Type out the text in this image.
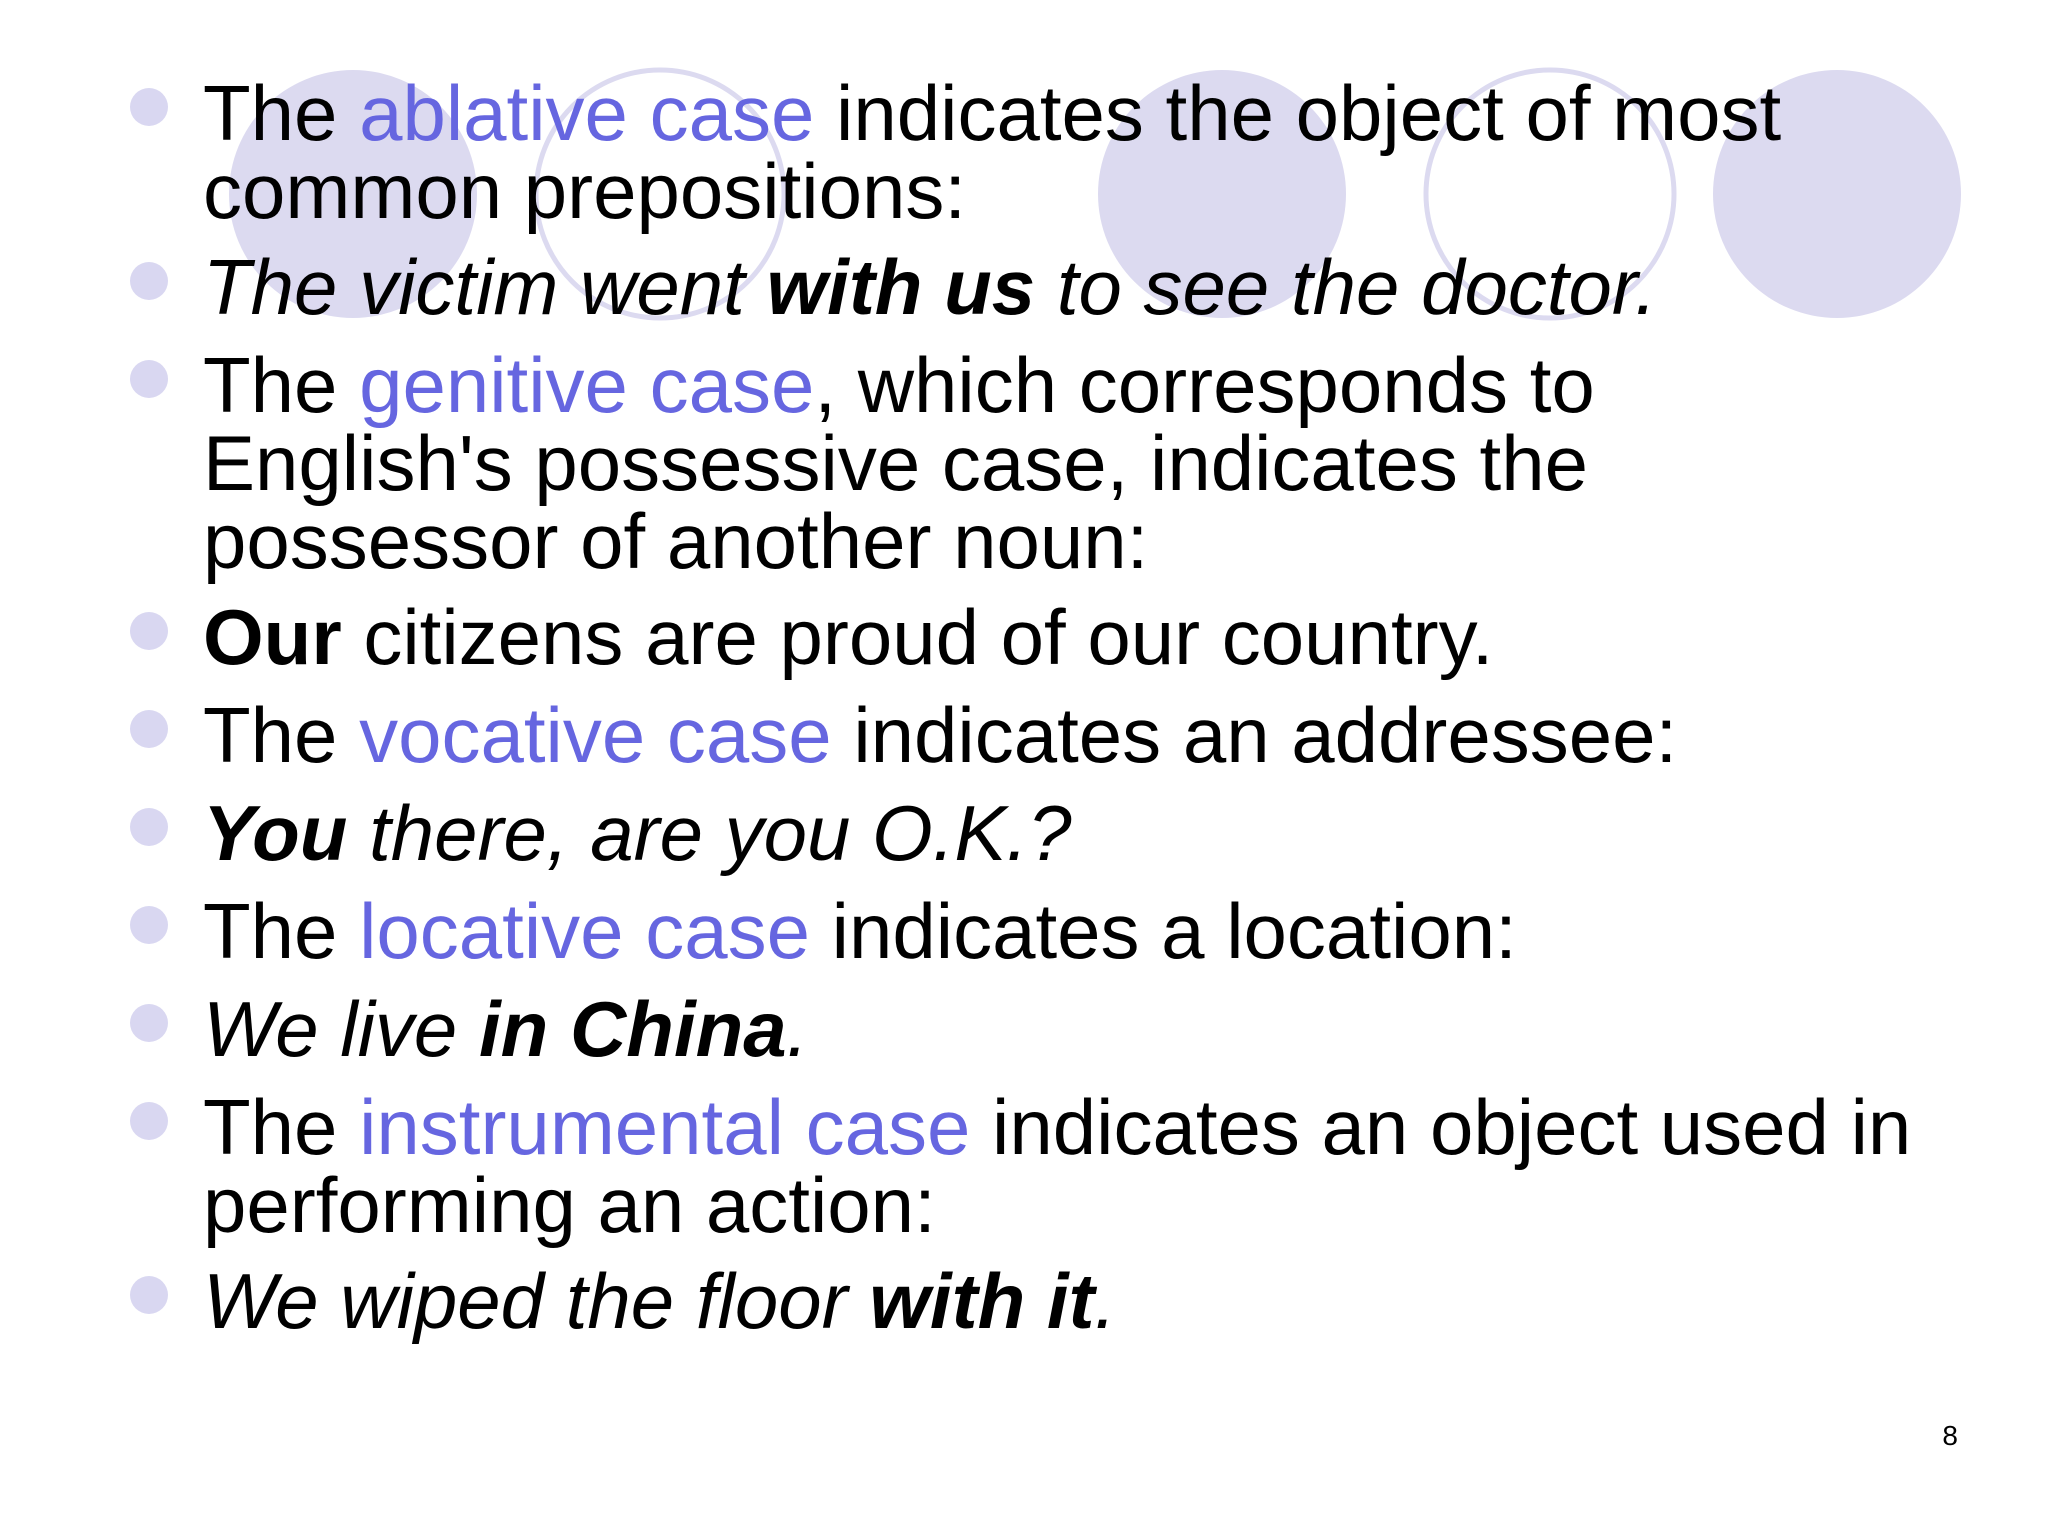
The ablative case indicates the object of most common prepositions:
The victim went with us to see the doctor.
The genitive case, which corresponds to English's possessive case, indicates the possessor of another noun:
Our citizens are proud of our country.
The vocative case indicates an addressee:
You there, are you O.K.?
The locative case indicates a location:
We live in China.
The instrumental case indicates an object used in performing an action:
We wiped the floor with it.
8
